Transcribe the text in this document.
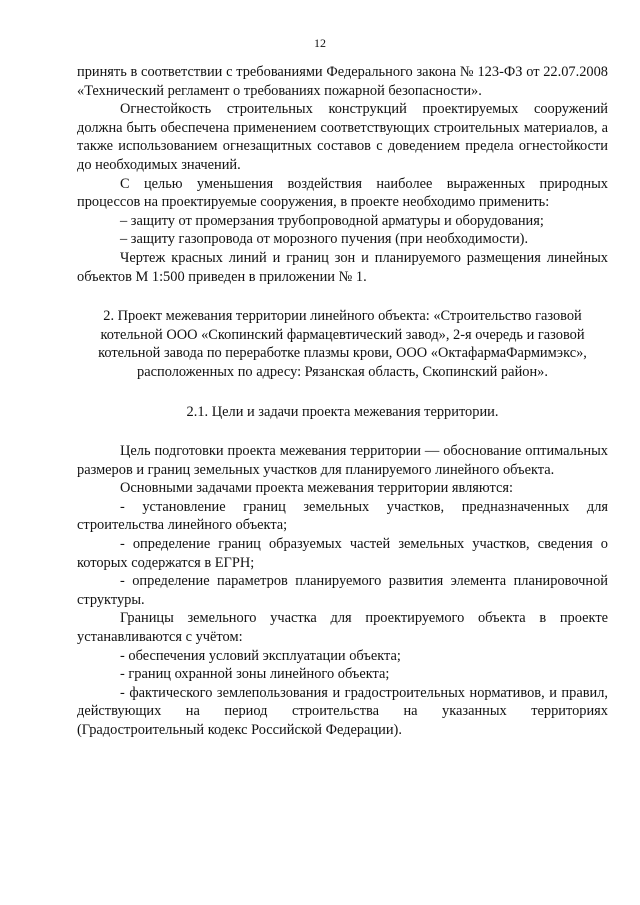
12

принять в соответствии с требованиями Федерального закона № 123-ФЗ от 22.07.2008 «Технический регламент о требованиях пожарной безопасности».

Огнестойкость строительных конструкций проектируемых сооружений должна быть обеспечена применением соответствующих строительных материалов, а также использованием огнезащитных составов с доведением предела огнестойкости до необходимых значений.

С целью уменьшения воздействия наиболее выраженных природных процессов на проектируемые сооружения, в проекте необходимо применить:

– защиту от промерзания трубопроводной арматуры и оборудования;

– защиту газопровода от морозного пучения (при необходимости).

Чертеж красных линий и границ зон и планируемого размещения линейных объектов М 1:500 приведен в приложении № 1.

2. Проект межевания территории линейного объекта: «Строительство газовой котельной ООО «Скопинский фармацевтический завод», 2-я очередь и газовой котельной завода по переработке плазмы крови, ООО «ОктафармаФармимэкс», расположенных по адресу: Рязанская область, Скопинский район».

2.1. Цели и задачи проекта межевания территории.

Цель подготовки проекта межевания территории — обоснование оптимальных размеров и границ земельных участков для планируемого линейного объекта.

Основными задачами проекта межевания территории являются:

- установление границ земельных участков, предназначенных для строительства линейного объекта;

- определение границ образуемых частей земельных участков, сведения о которых содержатся в ЕГРН;

- определение параметров планируемого развития элемента планировочной структуры.

Границы земельного участка для проектируемого объекта в проекте устанавливаются с учётом:

- обеспечения условий эксплуатации объекта;

- границ охранной зоны линейного объекта;

- фактического землепользования и градостроительных нормативов, и правил, действующих на период строительства на указанных территориях (Градостроительный кодекс Российской Федерации).
